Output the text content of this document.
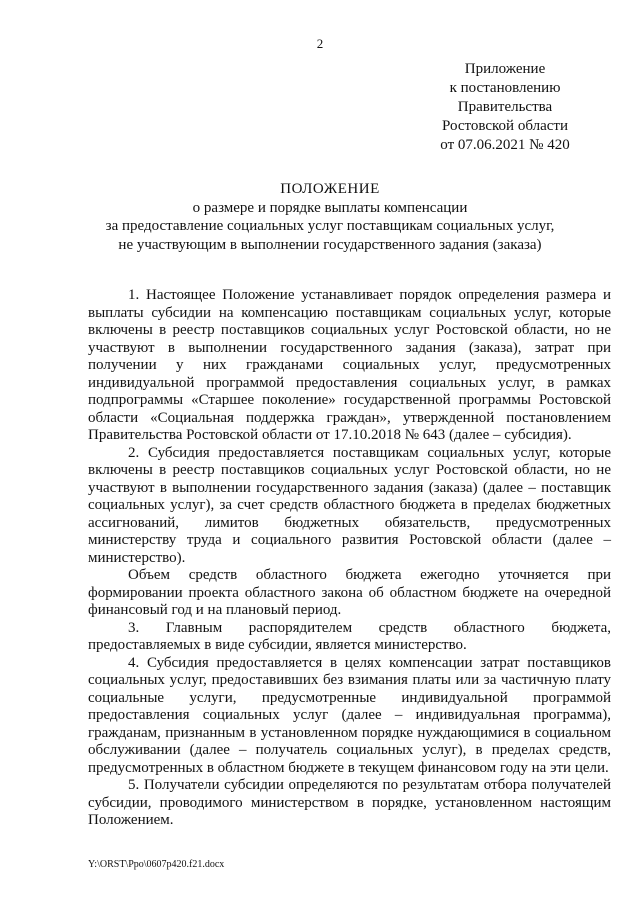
2
Приложение
к постановлению
Правительства
Ростовской области
от 07.06.2021 № 420
ПОЛОЖЕНИЕ
о размере и порядке выплаты компенсации
за предоставление социальных услуг поставщикам социальных услуг,
не участвующим в выполнении государственного задания (заказа)

1. Настоящее Положение устанавливает порядок определения размера и выплаты субсидии на компенсацию поставщикам социальных услуг, которые включены в реестр поставщиков социальных услуг Ростовской области, но не участвуют в выполнении государственного задания (заказа), затрат при получении у них гражданами социальных услуг, предусмотренных индивидуальной программой предоставления социальных услуг, в рамках подпрограммы «Старшее поколение» государственной программы Ростовской области «Социальная поддержка граждан», утвержденной постановлением Правительства Ростовской области от 17.10.2018 № 643 (далее – субсидия).

2. Субсидия предоставляется поставщикам социальных услуг, которые включены в реестр поставщиков социальных услуг Ростовской области, но не участвуют в выполнении государственного задания (заказа) (далее – поставщик социальных услуг), за счет средств областного бюджета в пределах бюджетных ассигнований, лимитов бюджетных обязательств, предусмотренных министерству труда и социального развития Ростовской области (далее – министерство).

Объем средств областного бюджета ежегодно уточняется при формировании проекта областного закона об областном бюджете на очередной финансовый год и на плановый период.

3. Главным распорядителем средств областного бюджета, предоставляемых в виде субсидии, является министерство.

4. Субсидия предоставляется в целях компенсации затрат поставщиков социальных услуг, предоставивших без взимания платы или за частичную плату социальные услуги, предусмотренные индивидуальной программой предоставления социальных услуг (далее – индивидуальная программа), гражданам, признанным в установленном порядке нуждающимися в социальном обслуживании (далее – получатель социальных услуг), в пределах средств, предусмотренных в областном бюджете в текущем финансовом году на эти цели.

5. Получатели субсидии определяются по результатам отбора получателей субсидии, проводимого министерством в порядке, установленном настоящим Положением.

Y:\ORST\Ppo\0607p420.f21.docx
